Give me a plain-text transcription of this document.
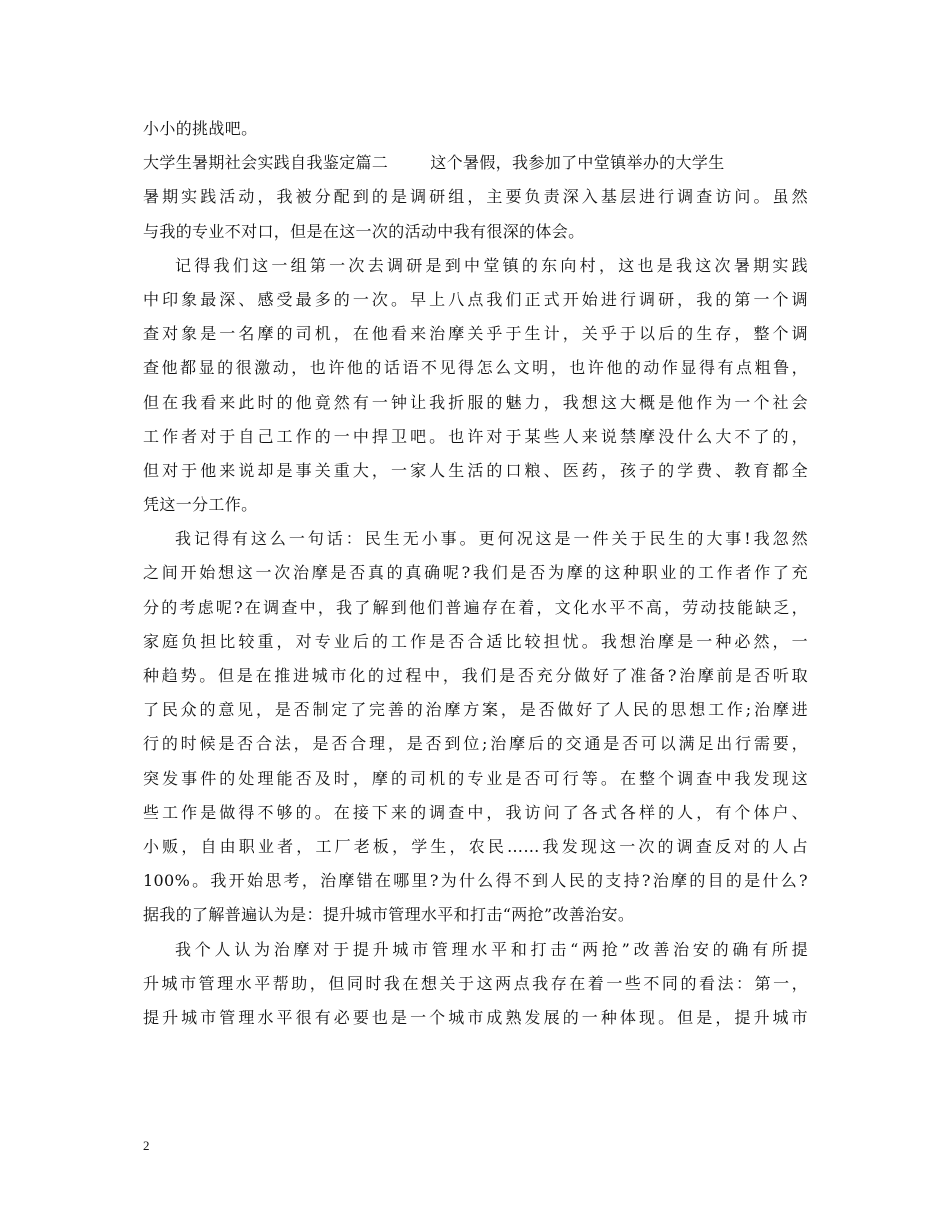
小小的挑战吧。
大学生暑期社会实践自我鉴定篇二	这个暑假，我参加了中堂镇举办的大学生
暑期实践活动，我被分配到的是调研组，主要负责深入基层进行调查访问。虽然
与我的专业不对口，但是在这一次的活动中我有很深的体会。
记得我们这一组第一次去调研是到中堂镇的东向村，这也是我这次暑期实践
中印象最深、感受最多的一次。早上八点我们正式开始进行调研，我的第一个调
查对象是一名摩的司机，在他看来治摩关乎于生计，关乎于以后的生存，整个调
查他都显的很激动，也许他的话语不见得怎么文明，也许他的动作显得有点粗鲁，
但在我看来此时的他竟然有一钟让我折服的魅力，我想这大概是他作为一个社会
工作者对于自己工作的一中捍卫吧。也许对于某些人来说禁摩没什么大不了的，
但对于他来说却是事关重大，一家人生活的口粮、医药，孩子的学费、教育都全
凭这一分工作。
我记得有这么一句话：民生无小事。更何况这是一件关于民生的大事!我忽然
之间开始想这一次治摩是否真的真确呢?我们是否为摩的这种职业的工作者作了充
分的考虑呢?在调查中，我了解到他们普遍存在着，文化水平不高，劳动技能缺乏，
家庭负担比较重，对专业后的工作是否合适比较担忧。我想治摩是一种必然，一
种趋势。但是在推进城市化的过程中，我们是否充分做好了准备?治摩前是否听取
了民众的意见，是否制定了完善的治摩方案，是否做好了人民的思想工作;治摩进
行的时候是否合法，是否合理，是否到位;治摩后的交通是否可以满足出行需要，
突发事件的处理能否及时，摩的司机的专业是否可行等。在整个调查中我发现这
些工作是做得不够的。在接下来的调查中，我访问了各式各样的人，有个体户、
小贩，自由职业者，工厂老板，学生，农民……我发现这一次的调查反对的人占
100%。我开始思考，治摩错在哪里?为什么得不到人民的支持?治摩的目的是什么?
据我的了解普遍认为是：提升城市管理水平和打击“两抢”改善治安。
我个人认为治摩对于提升城市管理水平和打击“两抢”改善治安的确有所提
升城市管理水平帮助，但同时我在想关于这两点我存在着一些不同的看法：第一，
提升城市管理水平很有必要也是一个城市成熟发展的一种体现。但是，提升城市
2
